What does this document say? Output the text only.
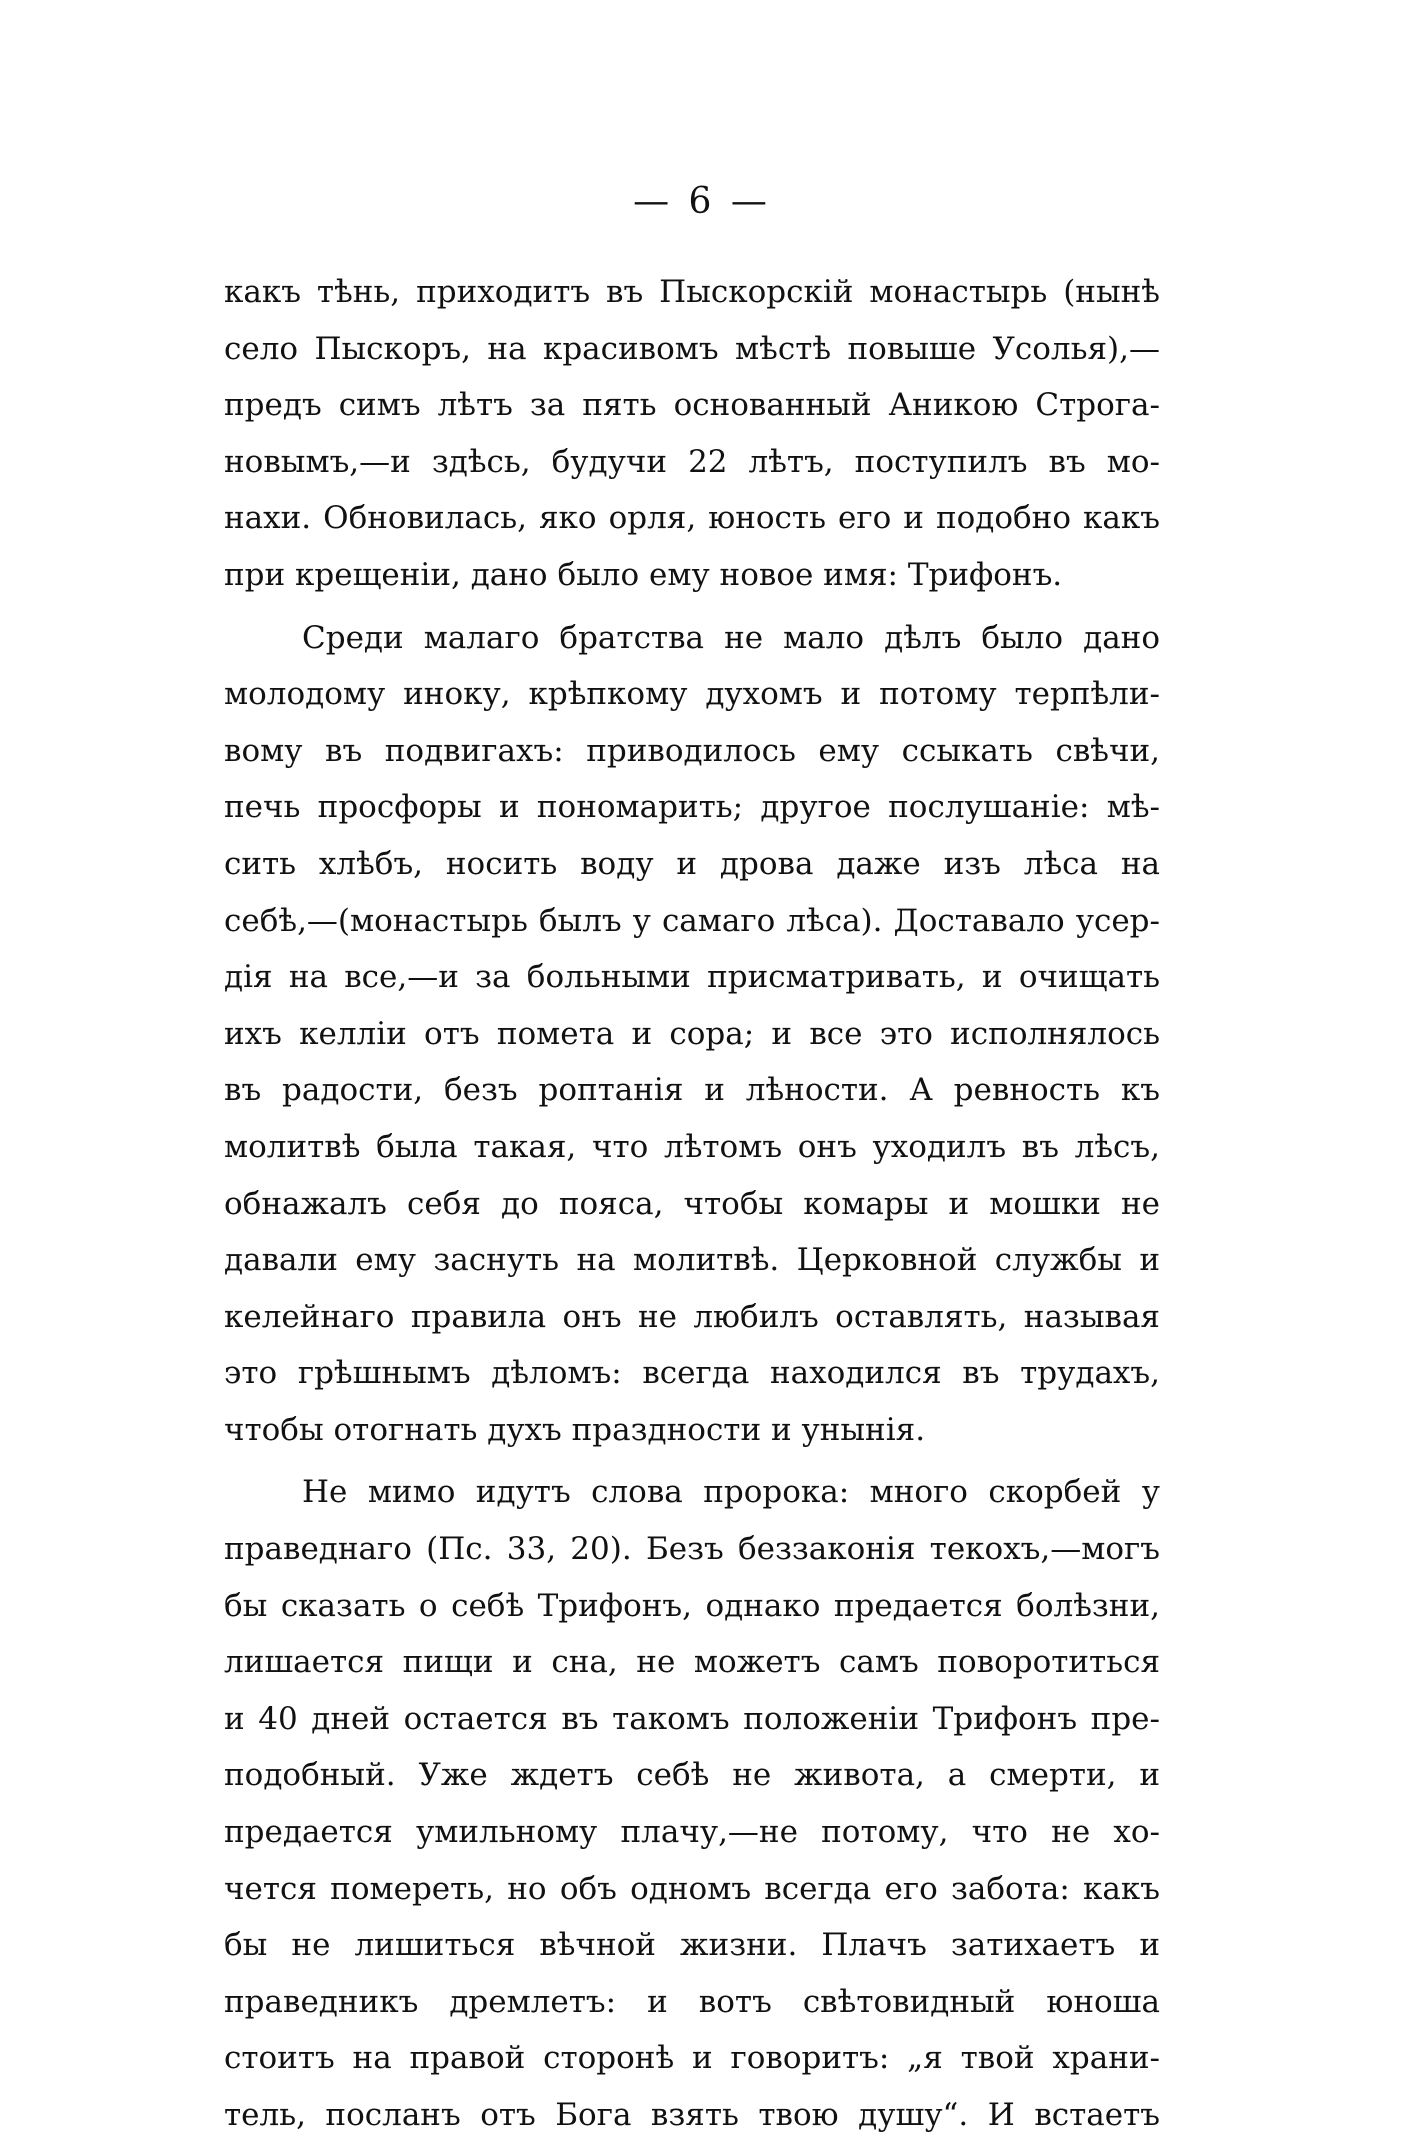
— 6 —
какъ тѣнь, приходитъ въ Пыскорскій монастырь (нынѣ
село Пыскоръ, на красивомъ мѣстѣ повыше Усолья),—
предъ симъ лѣтъ за пять основанный Аникою Строга-
новымъ,—и здѣсь, будучи 22 лѣтъ, поступилъ въ мо-
нахи. Обновилась, яко орля, юность его и подобно какъ
при крещеніи, дано было ему новое имя: Трифонъ.
Среди малаго братства не мало дѣлъ было дано
молодому иноку, крѣпкому духомъ и потому терпѣли-
вому въ подвигахъ: приводилось ему ссыкать свѣчи,
печь просфоры и пономарить; другое послушаніе: мѣ-
сить хлѣбъ, носить воду и дрова даже изъ лѣса на
себѣ,—(монастырь былъ у самаго лѣса). Доставало усер-
дія на все,—и за больными присматривать, и очищать
ихъ келліи отъ помета и сора; и все это исполнялось
въ радости, безъ роптанія и лѣности. А ревность къ
молитвѣ была такая, что лѣтомъ онъ уходилъ въ лѣсъ,
обнажалъ себя до пояса, чтобы комары и мошки не
давали ему заснуть на молитвѣ. Церковной службы и
келейнаго правила онъ не любилъ оставлять, называя
это грѣшнымъ дѣломъ: всегда находился въ трудахъ,
чтобы отогнать духъ праздности и унынія.
Не мимо идутъ слова пророка: много скорбей у
праведнаго (Пс. 33, 20). Безъ беззаконія текохъ,—могъ
бы сказать о себѣ Трифонъ, однако предается болѣзни,
лишается пищи и сна, не можетъ самъ поворотиться
и 40 дней остается въ такомъ положеніи Трифонъ пре-
подобный. Уже ждетъ себѣ не живота, а смерти, и
предается умильному плачу,—не потому, что не хо-
чется помереть, но объ одномъ всегда его забота: какъ
бы не лишиться вѣчной жизни. Плачъ затихаетъ и
праведникъ дремлетъ: и вотъ свѣтовидный юноша
стоитъ на правой сторонѣ и говоритъ: „я твой храни-
тель, посланъ отъ Бога взять твою душу“. И встаетъ
